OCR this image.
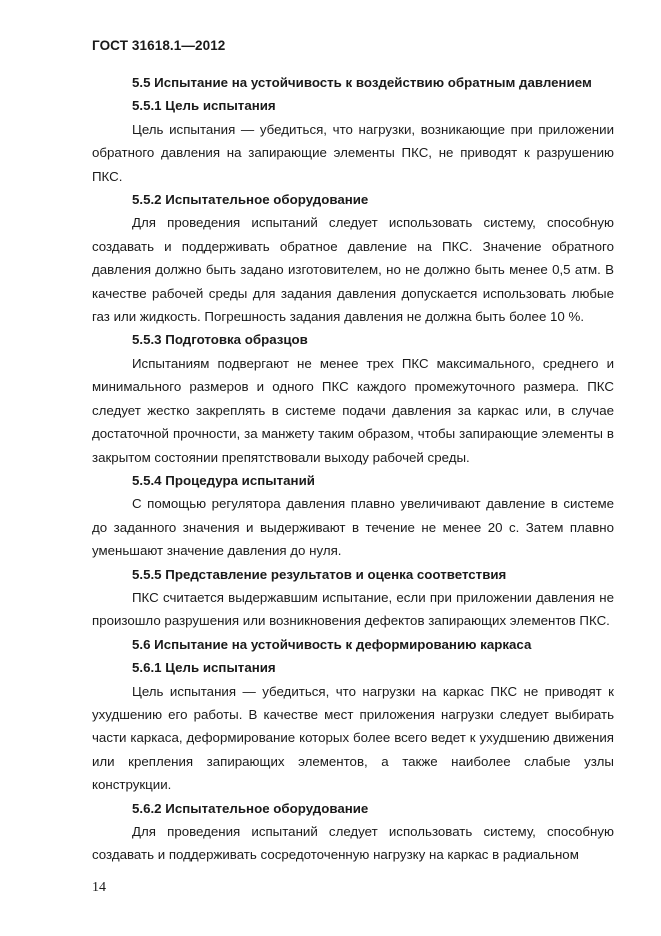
ГОСТ 31618.1—2012

5.5 Испытание на устойчивость к воздействию обратным давлением

5.5.1 Цель испытания

Цель испытания — убедиться, что нагрузки, возникающие при приложении обратного давления на запирающие элементы ПКС, не приводят к разрушению ПКС.

5.5.2 Испытательное оборудование

Для проведения испытаний следует использовать систему, способную создавать и поддерживать обратное давление на ПКС. Значение обратного давления должно быть задано изготовителем, но не должно быть менее 0,5 атм. В качестве рабочей среды для задания давления допускается использовать любые газ или жидкость. Погрешность задания давления не должна быть более 10 %.

5.5.3 Подготовка образцов

Испытаниям подвергают не менее трех ПКС максимального, среднего и минимального размеров и одного ПКС каждого промежуточного размера. ПКС следует жестко закреплять в системе подачи давления за каркас или, в случае достаточной прочности, за манжету таким образом, чтобы запирающие элементы в закрытом состоянии препятствовали выходу рабочей среды.

5.5.4 Процедура испытаний

С помощью регулятора давления плавно увеличивают давление в системе до заданного значения и выдерживают в течение не менее 20 с. Затем плавно уменьшают значение давления до нуля.

5.5.5 Представление результатов и оценка соответствия

ПКС считается выдержавшим испытание, если при приложении давления не произошло разрушения или возникновения дефектов запирающих элементов ПКС.

5.6 Испытание на устойчивость к деформированию каркаса

5.6.1 Цель испытания

Цель испытания — убедиться, что нагрузки на каркас ПКС не приводят к ухудшению его работы. В качестве мест приложения нагрузки следует выбирать части каркаса, деформирование которых более всего ведет к ухудшению движения или крепления запирающих элементов, а также наиболее слабые узлы конструкции.

5.6.2 Испытательное оборудование

Для проведения испытаний следует использовать систему, способную создавать и поддерживать сосредоточенную нагрузку на каркас в радиальном

14
